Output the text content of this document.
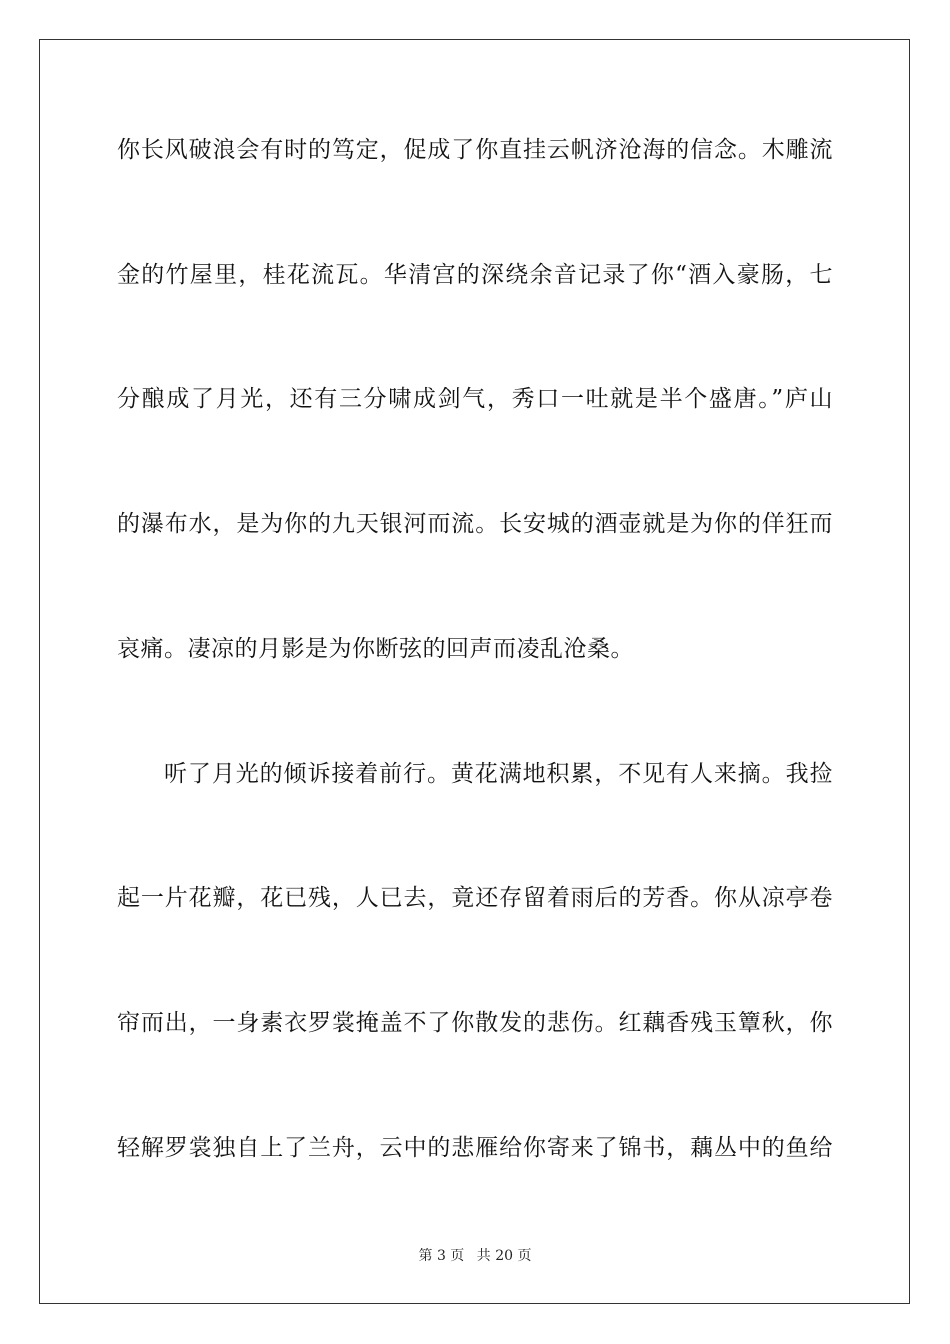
你长风破浪会有时的笃定，促成了你直挂云帆济沧海的信念。木雕流
金的竹屋里，桂花流瓦。华清宫的深绕余音记录了你“酒入豪肠，七
分酿成了月光，还有三分啸成剑气，秀口一吐就是半个盛唐。”庐山
的瀑布水，是为你的九天银河而流。长安城的酒壶就是为你的佯狂而
哀痛。凄凉的月影是为你断弦的回声而凌乱沧桑。
听了月光的倾诉接着前行。黄花满地积累，不见有人来摘。我捡
起一片花瓣，花已残，人已去，竟还存留着雨后的芳香。你从凉亭卷
帘而出，一身素衣罗裳掩盖不了你散发的悲伤。红藕香残玉簟秋，你
轻解罗裳独自上了兰舟，云中的悲雁给你寄来了锦书，藕丛中的鱼给
第 3 页 共 20 页
